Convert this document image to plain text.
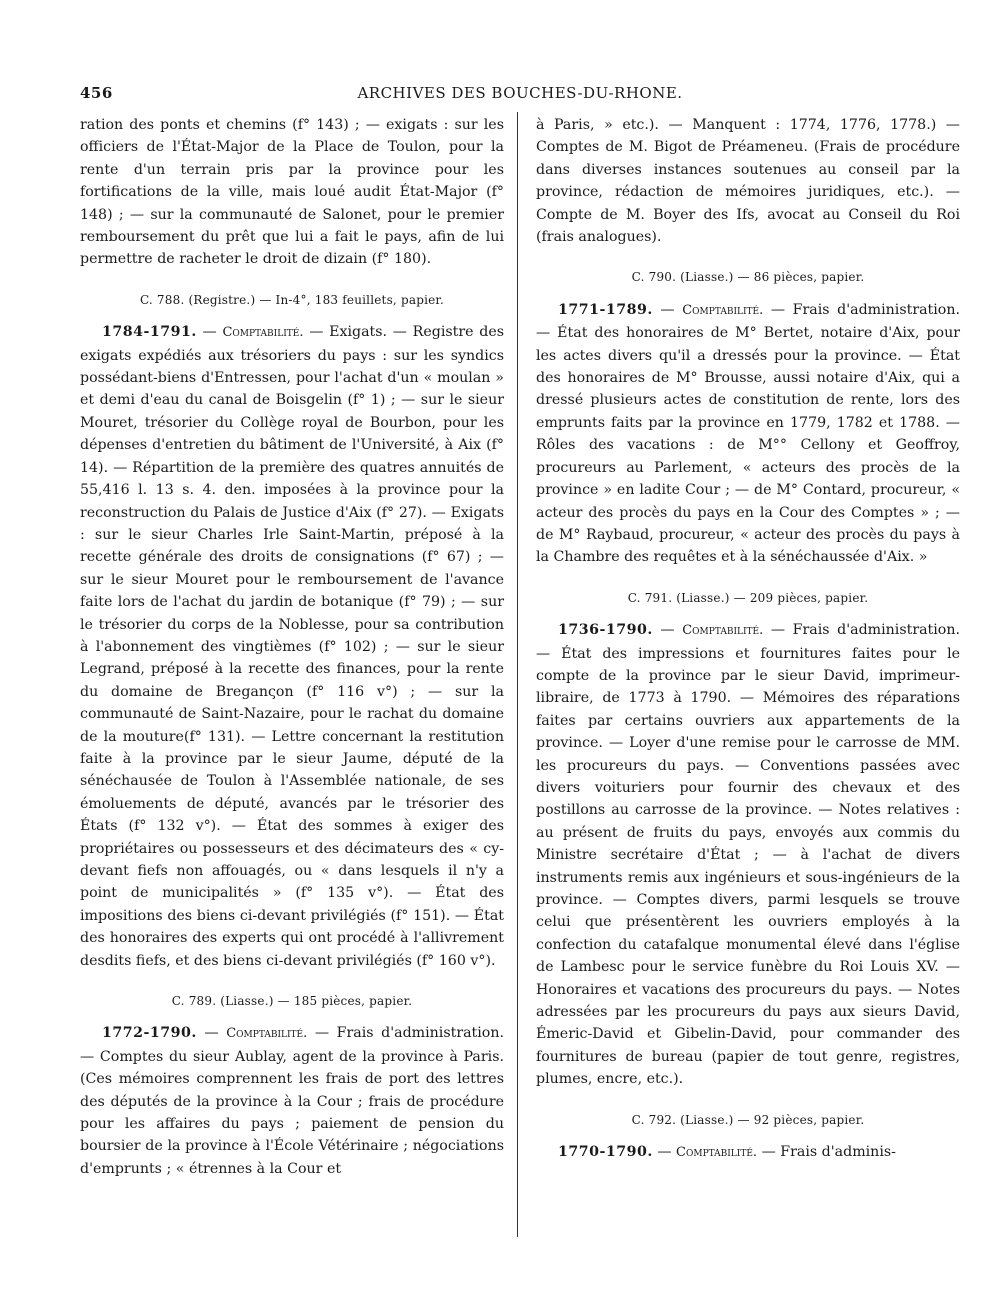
456	ARCHIVES DES BOUCHES-DU-RHONE.

ration des ponts et chemins (f° 143) ; — exigats : sur les officiers de l'État-Major de la Place de Toulon, pour la rente d'un terrain pris par la province pour les fortifications de la ville, mais loué audit État-Major (f° 148) ; — sur la communauté de Salonet, pour le premier remboursement du prêt que lui a fait le pays, afin de lui permettre de racheter le droit de dizain (f° 180).

C. 788. (Registre.) — In-4°, 183 feuillets, papier.

1784-1791. — Comptabilité. — Exigats. — Registre des exigats expédiés aux trésoriers du pays : sur les syndics possédant-biens d'Entressen, pour l'achat d'un « moulan » et demi d'eau du canal de Boisgelin (f° 1) ; — sur le sieur Mouret, trésorier du Collège royal de Bourbon, pour les dépenses d'entretien du bâtiment de l'Université, à Aix (f° 14). — Répartition de la première des quatres annuités de 55,416 l. 13 s. 4. den. imposées à la province pour la reconstruction du Palais de Justice d'Aix (f° 27). — Exigats : sur le sieur Charles Irle Saint-Martin, préposé à la recette générale des droits de consignations (f° 67) ; — sur le sieur Mouret pour le remboursement de l'avance faite lors de l'achat du jardin de botanique (f° 79) ; — sur le trésorier du corps de la Noblesse, pour sa contribution à l'abonnement des vingtièmes (f° 102) ; — sur le sieur Legrand, préposé à la recette des finances, pour la rente du domaine de Breganςon (f° 116 v°) ; — sur la communauté de Saint-Nazaire, pour le rachat du domaine de la mouture(f° 131). — Lettre concernant la restitution faite à la province par le sieur Jaume, député de la sénéchausée de Toulon à l'Assemblée nationale, de ses émoluements de député, avancés par le trésorier des États (f° 132 v°). — État des sommes à exiger des propriétaires ou possesseurs et des décimateurs des « cy-devant fiefs non affouagés, ou « dans lesquels il n'y a point de municipalités » (f° 135 v°). — État des impositions des biens ci-devant privilégiés (f° 151). — État des honoraires des experts qui ont procédé à l'allivrement desdits fiefs, et des biens ci-devant privilégiés (f° 160 v°).

C. 789. (Liasse.) — 185 pièces, papier.

1772-1790. — Comptabilité. — Frais d'administration. — Comptes du sieur Aublay, agent de la province à Paris. (Ces mémoires comprennent les frais de port des lettres des députés de la province à la Cour ; frais de procédure pour les affaires du pays ; paiement de pension du boursier de la province à l'École Vétérinaire ; négociations d'emprunts ; « étrennes à la Cour et

à Paris, » etc.). — Manquent : 1774, 1776, 1778.) — Comptes de M. Bigot de Préameneu. (Frais de procédure dans diverses instances soutenues au conseil par la province, rédaction de mémoires juridiques, etc.). — Compte de M. Boyer des Ifs, avocat au Conseil du Roi (frais analogues).

C. 790. (Liasse.) — 86 pièces, papier.

1771-1789. — Comptabilité. — Frais d'administration. — État des honoraires de M° Bertet, notaire d'Aix, pour les actes divers qu'il a dressés pour la province. — État des honoraires de M° Brousse, aussi notaire d'Aix, qui a dressé plusieurs actes de constitution de rente, lors des emprunts faits par la province en 1779, 1782 et 1788. — Rôles des vacations : de M°° Cellony et Geoffroy, procureurs au Parlement, « acteurs des procès de la province » en ladite Cour ; — de M° Contard, procureur, « acteur des procès du pays en la Cour des Comptes » ; — de M° Raybaud, procureur, « acteur des procès du pays à la Chambre des requêtes et à la sénéchaussée d'Aix. »

C. 791. (Liasse.) — 209 pièces, papier.

1736-1790. — Comptabilité. — Frais d'administration. — État des impressions et fournitures faites pour le compte de la province par le sieur David, imprimeur-libraire, de 1773 à 1790. — Mémoires des réparations faites par certains ouvriers aux appartements de la province. — Loyer d'une remise pour le carrosse de MM. les procureurs du pays. — Conventions passées avec divers voituriers pour fournir des chevaux et des postillons au carrosse de la province. — Notes relatives : au présent de fruits du pays, envoyés aux commis du Ministre secrétaire d'État ; — à l'achat de divers instruments remis aux ingénieurs et sous-ingénieurs de la province. — Comptes divers, parmi lesquels se trouve celui que présentèrent les ouvriers employés à la confection du catafalque monumental élevé dans l'église de Lambesc pour le service funèbre du Roi Louis XV. — Honoraires et vacations des procureurs du pays. — Notes adressées par les procureurs du pays aux sieurs David, Émeric-David et Gibelin-David, pour commander des fournitures de bureau (papier de tout genre, registres, plumes, encre, etc.).

C. 792. (Liasse.) — 92 pièces, papier.

1770-1790. — Comptabilité. — Frais d'adminis-
